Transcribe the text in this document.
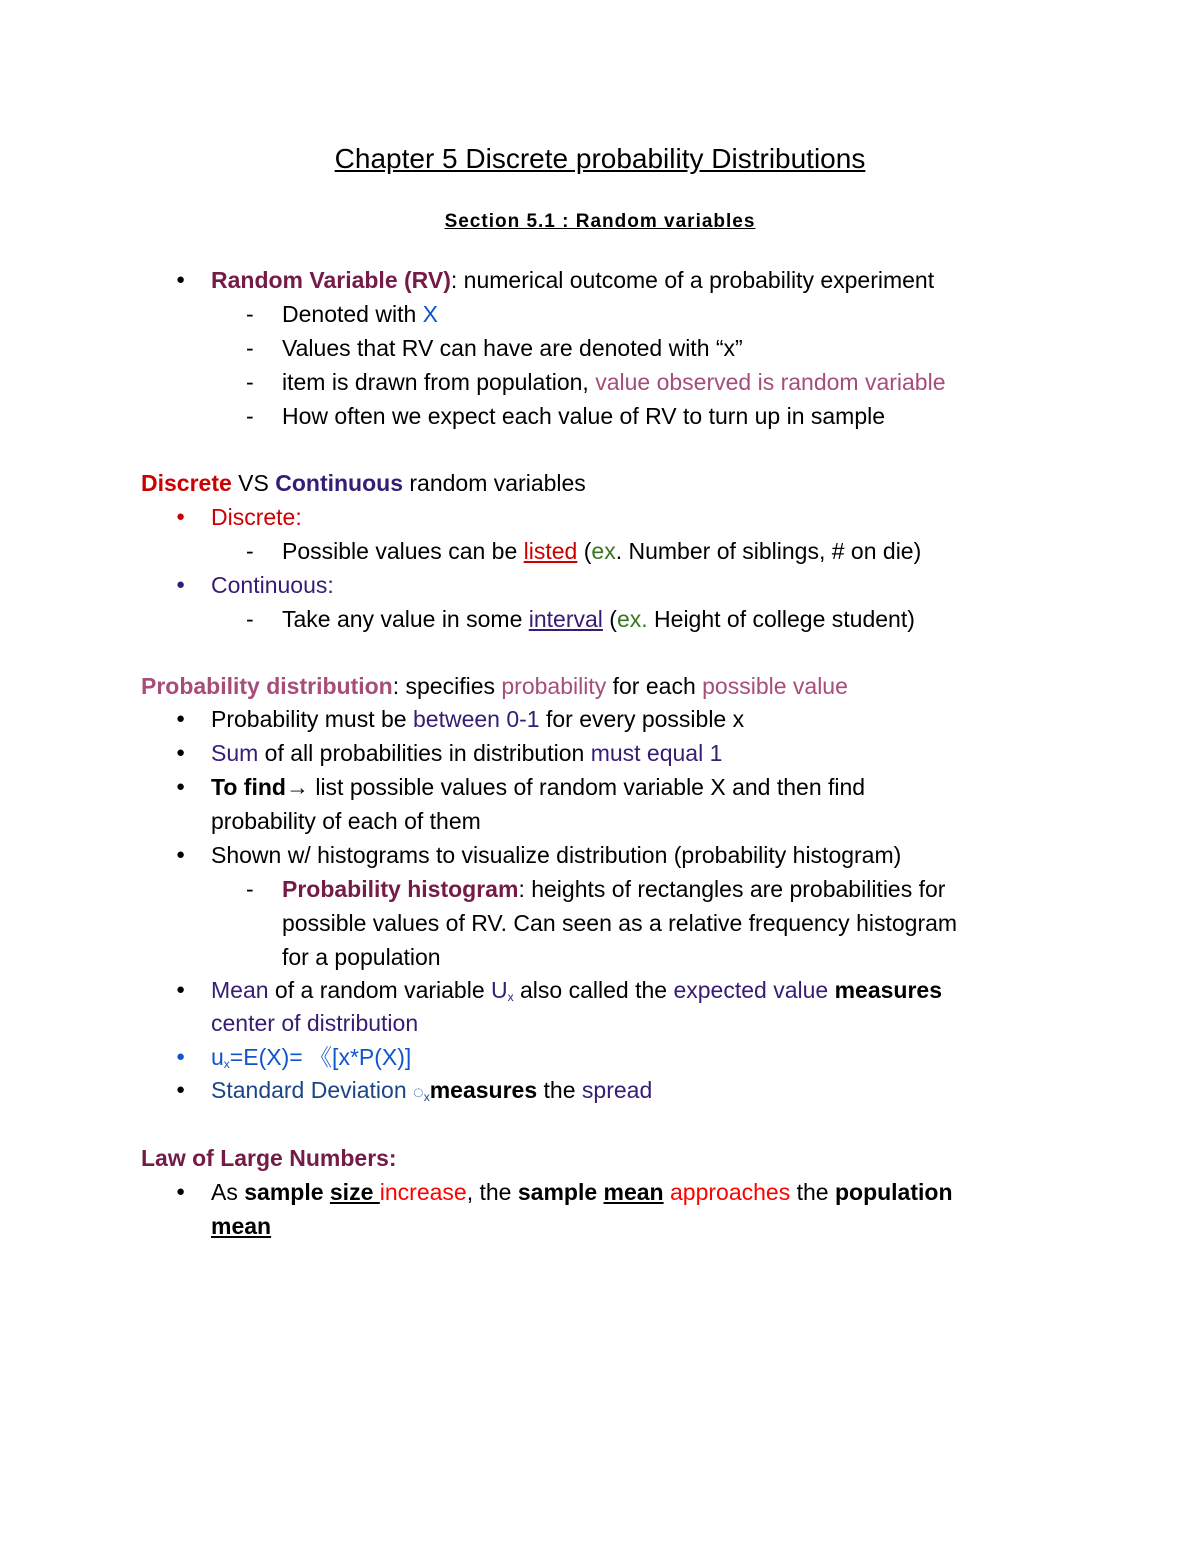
Chapter 5 Discrete probability Distributions
Section 5.1 : Random variables
● Random Variable (RV): numerical outcome of a probability experiment
- Denoted with X
- Values that RV can have are denoted with “x”
- item is drawn from population, value observed is random variable
- How often we expect each value of RV to turn up in sample
Discrete VS Continuous random variables
● Discrete:
- Possible values can be listed (ex. Number of siblings, # on die)
● Continuous:
- Take any value in some interval (ex. Height of college student)
Probability distribution: specifies probability for each possible value
● Probability must be between 0-1 for every possible x
● Sum of all probabilities in distribution must equal 1
● To find→ list possible values of random variable X and then find
probability of each of them
● Shown w/ histograms to visualize distribution (probability histogram)
- Probability histogram: heights of rectangles are probabilities for
possible values of RV. Can seen as a relative frequency histogram
for a population
● Mean of a random variable $U_x$ also called the expected value measures
center of distribution
● $u_x=E(X)=$ 《[x*P(X)]
● Standard Deviation $◌_xmeasures$ the spread
Law of Large Numbers:
● As sample size increase, the sample mean approaches the population
mean
